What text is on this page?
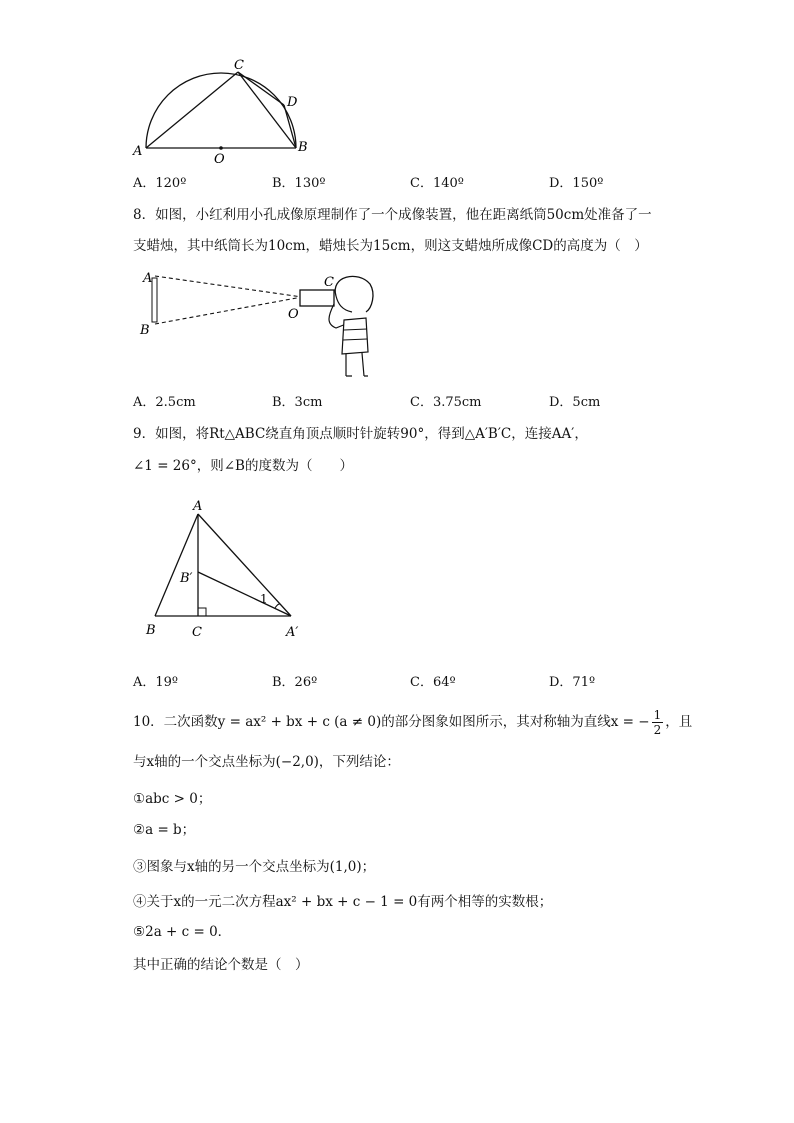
C
D
A	B
O
A．120º	B．130º	C．140º	D．150º
8．如图，小红利用小孔成像原理制作了一个成像装置，他在距离纸筒50cm处准备了一
支蜡烛，其中纸筒长为10cm，蜡烛长为15cm，则这支蜡烛所成像CD的高度为（　）
A
B
C
O
A．2.5cm	B．3cm	C．3.75cm	D．5cm
9．如图，将Rt△ABC绕直角顶点顺时针旋转90°，得到△A′B′C，连接AA′，
∠1 = 26°，则∠B的度数为（　　）
A
B′
1
B	C	A′
A．19º	B．26º	C．64º	D．71º
10．二次函数y = ax² + bx + c (a ≠ 0)的部分图象如图所示，其对称轴为直线x = − $\frac{1}{2}$ ，且
与x轴的一个交点坐标为(−2,0)，下列结论：
①abc > 0；
②a = b；
③图象与x轴的另一个交点坐标为(1,0)；
④关于x的一元二次方程ax² + bx + c − 1 = 0有两个相等的实数根；
⑤2a + c = 0．
其中正确的结论个数是（　）
